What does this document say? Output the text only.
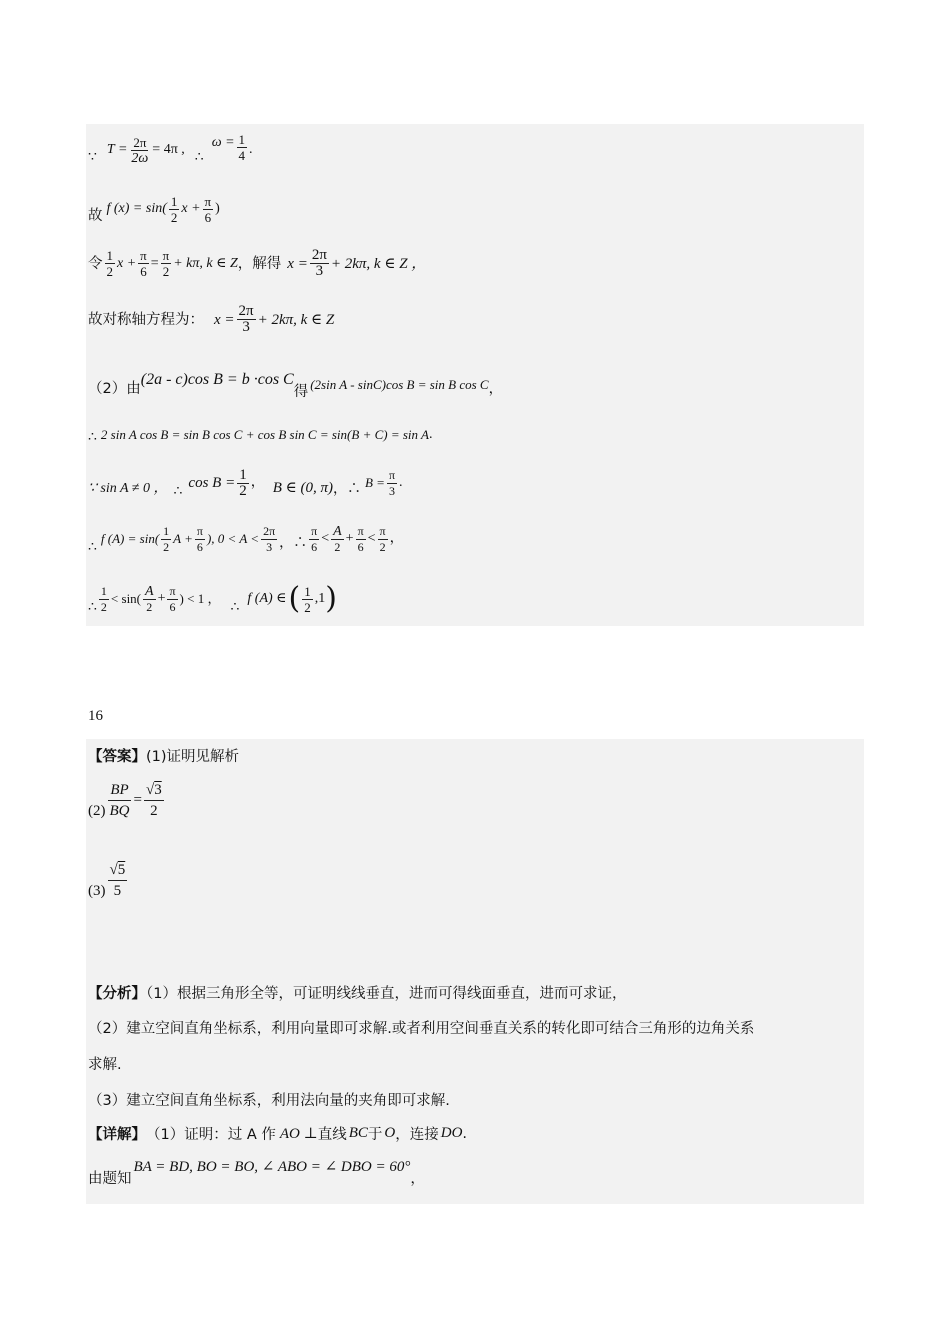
∵
$T = \frac{2\pi}{2\omega} = 4\pi$ ,
∴
$\omega = \frac{1}{4}$ .
故 f $(x) = \sin( \frac{1}{2}$ $x + \frac{\pi}{6}$ )
令 $\frac{1}{2}$ $x + \frac{\pi}{6} = \frac{\pi}{2} + k\pi$, k ∈ Z ，解得 $x = \frac{2\pi}{3} + 2k\pi$, k ∈ Z ，
故对称轴方程为： $x = \frac{2\pi}{3} + 2k\pi$, k ∈ Z
（2）由
(2a - c)cos B = b ·cos C
得 (2sin A - sinC)cos B = sin B cos C ，
∴ 2 sin A cos B = sin B cos C + cos B sin C = sin(B + C) = sin A .
∵ sin A ≠ 0 ， ∴
$\cos B = \frac{1}{2}$ ， B ∈ (0, π) ，∴ $B = \frac{\pi}{3}$ .
∴
f $(A) = \sin( \frac{1}{2}$ $A + \frac{\pi}{6}$ ), $0 < A < \frac{2\pi}{3}$ ，∴ $\frac{\pi}{6} < \frac{A}{2} + \frac{\pi}{6} < \frac{\pi}{2}$ ，
∴ $\frac{1}{2} < \sin( \frac{A}{2} + \frac{\pi}{6}$ ) < 1 ，
∴
f (A) ∈ ( $\frac{1}{2} ,1$ )
16
【答案】(1)证明见解析
$(2) \frac{BP}{BQ} = \frac{√3}{2}$
$(3) \frac{√5}{5}$
【分析】（1）根据三角形全等，可证明线线垂直，进而可得线面垂直，进而可求证，
（2）建立空间直角坐标系，利用向量即可求解.或者利用空间垂直关系的转化即可结合三角形的边角关系
求解.
（3）建立空间直角坐标系，利用法向量的夹角即可求解.
【详解】 （1）证明：过 A 作 AO ⊥ 直线 BC 于 O ，连接 DO .
由题知
BA = BD, BO = BO, ∠ ABO = ∠ DBO = 60°
，
